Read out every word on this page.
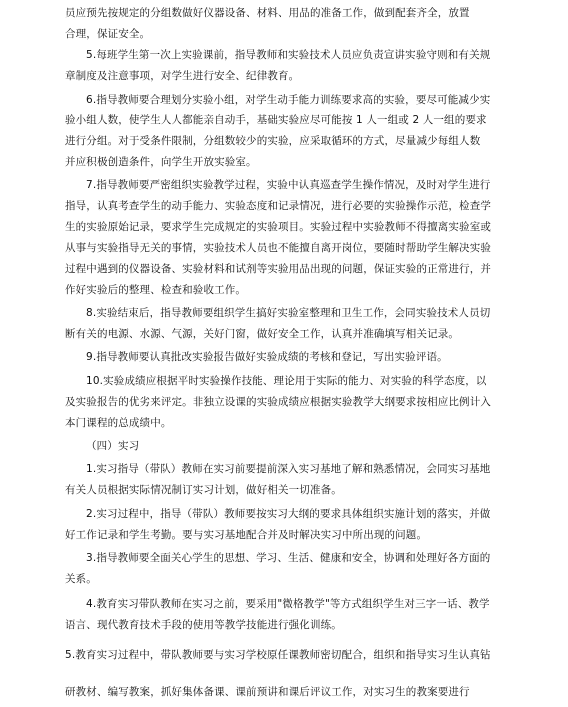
员应预先按规定的分组数做好仪器设备、材料、用品的准备工作，做到配套齐全，放置

合理，保证安全。

5.每班学生第一次上实验课前，指导教师和实验技术人员应负责宣讲实验守则和有关规

章制度及注意事项，对学生进行安全、纪律教育。

6.指导教师要合理划分实验小组，对学生动手能力训练要求高的实验，要尽可能减少实

验小组人数，使学生人人都能亲自动手，基础实验应尽可能按 1 人一组或 2 人一组的要求

进行分组。对于受条件限制，分组数较少的实验，应采取循环的方式，尽量减少每组人数

并应积极创造条件，向学生开放实验室。

7.指导教师要严密组织实验教学过程，实验中认真巡查学生操作情况，及时对学生进行

指导，认真考查学生的动手能力、实验态度和记录情况，进行必要的实验操作示范，检查学

生的实验原始记录，要求学生完成规定的实验项目。实验过程中实验教师不得擅离实验室或

从事与实验指导无关的事情，实验技术人员也不能擅自离开岗位，要随时帮助学生解决实验

过程中遇到的仪器设备、实验材料和试剂等实验用品出现的问题，保证实验的正常进行，并

作好实验后的整理、检查和验收工作。

8.实验结束后，指导教师要组织学生搞好实验室整理和卫生工作，会同实验技术人员切

断有关的电源、水源、气源，关好门窗，做好安全工作，认真并准确填写相关记录。

9.指导教师要认真批改实验报告做好实验成绩的考核和登记，写出实验评语。

10.实验成绩应根据平时实验操作技能、理论用于实际的能力、对实验的科学态度，以

及实验报告的优劣来评定。非独立设课的实验成绩应根据实验教学大纲要求按相应比例计入

本门课程的总成绩中。

（四）实习

1.实习指导（带队）教师在实习前要提前深入实习基地了解和熟悉情况，会同实习基地

有关人员根据实际情况制订实习计划，做好相关一切准备。

2.实习过程中，指导（带队）教师要按实习大纲的要求具体组织实施计划的落实，并做

好工作记录和学生考勤。要与实习基地配合并及时解决实习中所出现的问题。

3.指导教师要全面关心学生的思想、学习、生活、健康和安全，协调和处理好各方面的

关系。

4.教育实习带队教师在实习之前，要采用"微格教学"等方式组织学生对三字一话、教学

语言、现代教育技术手段的使用等教学技能进行强化训练。

5.教育实习过程中，带队教师要与实习学校原任课教师密切配合，组织和指导实习生认真钻

研教材、编写教案，抓好集体备课、课前预讲和课后评议工作，对实习生的教案要进行
